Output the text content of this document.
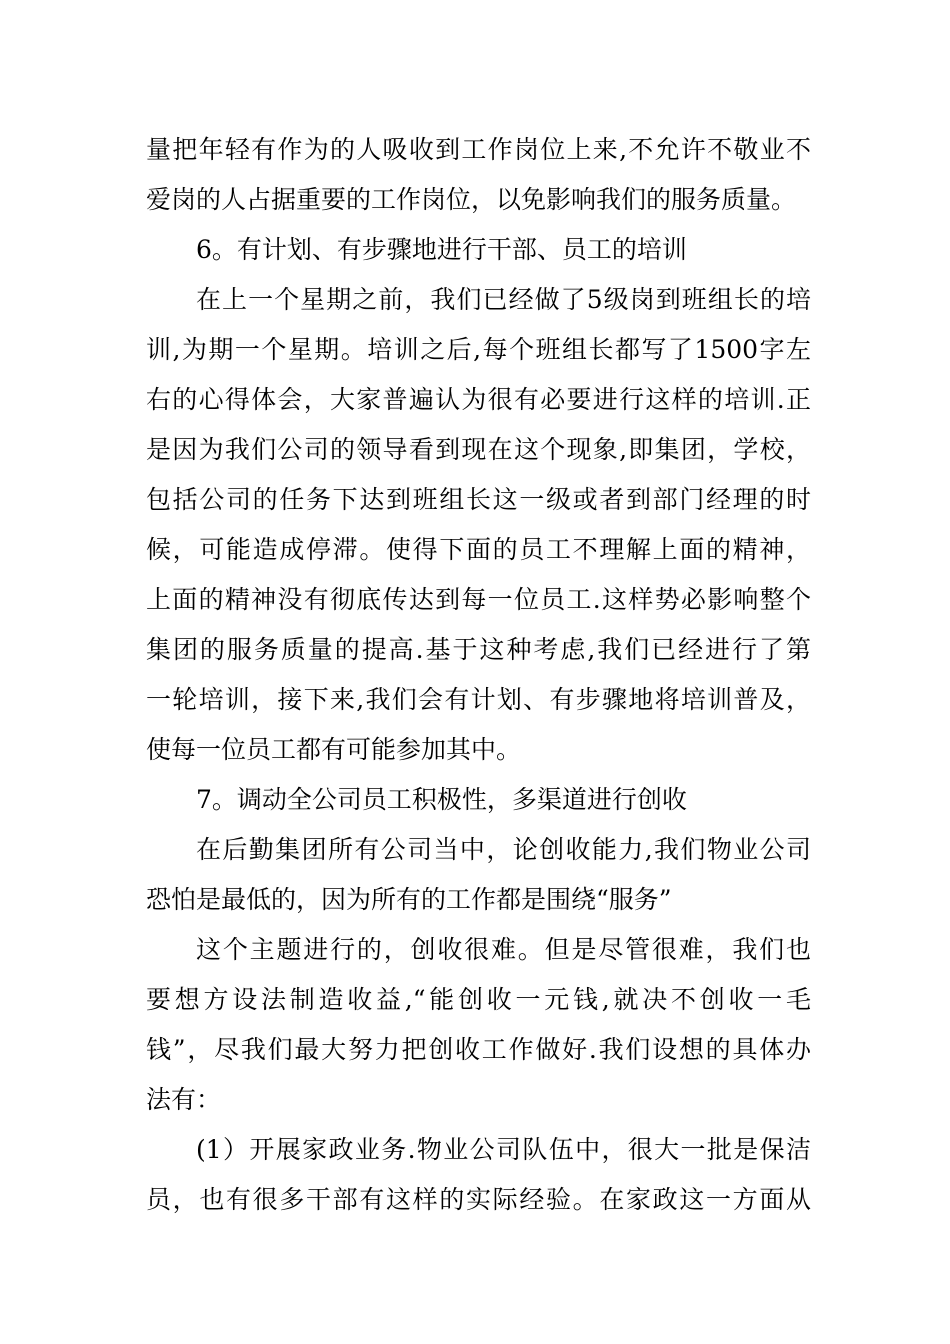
量把年轻有作为的人吸收到工作岗位上来,不允许不敬业不
爱岗的人占据重要的工作岗位，以免影响我们的服务质量。
6。有计划、有步骤地进行干部、员工的培训
在上一个星期之前，我们已经做了5级岗到班组长的培
训,为期一个星期。培训之后,每个班组长都写了1500字左
右的心得体会，大家普遍认为很有必要进行这样的培训.正
是因为我们公司的领导看到现在这个现象,即集团，学校，
包括公司的任务下达到班组长这一级或者到部门经理的时
候，可能造成停滞。使得下面的员工不理解上面的精神，
上面的精神没有彻底传达到每一位员工.这样势必影响整个
集团的服务质量的提高.基于这种考虑,我们已经进行了第
一轮培训，接下来,我们会有计划、有步骤地将培训普及，
使每一位员工都有可能参加其中。
7。调动全公司员工积极性，多渠道进行创收
在后勤集团所有公司当中，论创收能力,我们物业公司
恐怕是最低的，因为所有的工作都是围绕“服务”
这个主题进行的，创收很难。但是尽管很难，我们也
要想方设法制造收益,“能创收一元钱,就决不创收一毛
钱”，尽我们最大努力把创收工作做好.我们设想的具体办
法有：
(1）开展家政业务.物业公司队伍中，很大一批是保洁
员，也有很多干部有这样的实际经验。在家政这一方面从
